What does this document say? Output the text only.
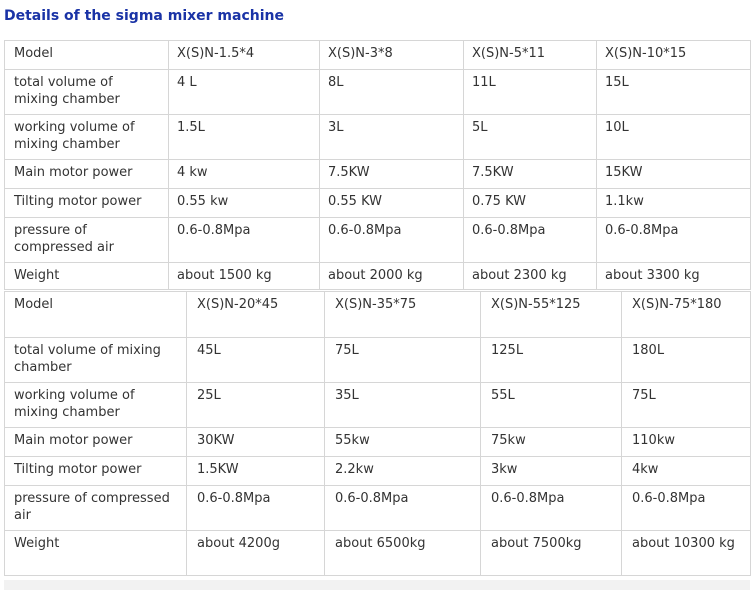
Details of the sigma mixer machine
Model	X(S)N-1.5*4	X(S)N-3*8	X(S)N-5*11	X(S)N-10*15
total volume of mixing chamber	4 L	8L	11L	15L
working volume of mixing chamber	1.5L	3L	5L	10L
Main motor power	4 kw	7.5KW	7.5KW	15KW
Tilting motor power	0.55 kw	0.55 KW	0.75 KW	1.1kw
pressure of compressed air	0.6-0.8Mpa	0.6-0.8Mpa	0.6-0.8Mpa	0.6-0.8Mpa
Weight	about 1500 kg	about 2000 kg	about 2300 kg	about 3300 kg
Model	X(S)N-20*45	X(S)N-35*75	X(S)N-55*125	X(S)N-75*180
total volume of mixing chamber	45L	75L	125L	180L
working volume of mixing chamber	25L	35L	55L	75L
Main motor power	30KW	55kw	75kw	110kw
Tilting motor power	1.5KW	2.2kw	3kw	4kw
pressure of compressed air	0.6-0.8Mpa	0.6-0.8Mpa	0.6-0.8Mpa	0.6-0.8Mpa
Weight	about 4200g	about 6500kg	about 7500kg	about 10300 kg
